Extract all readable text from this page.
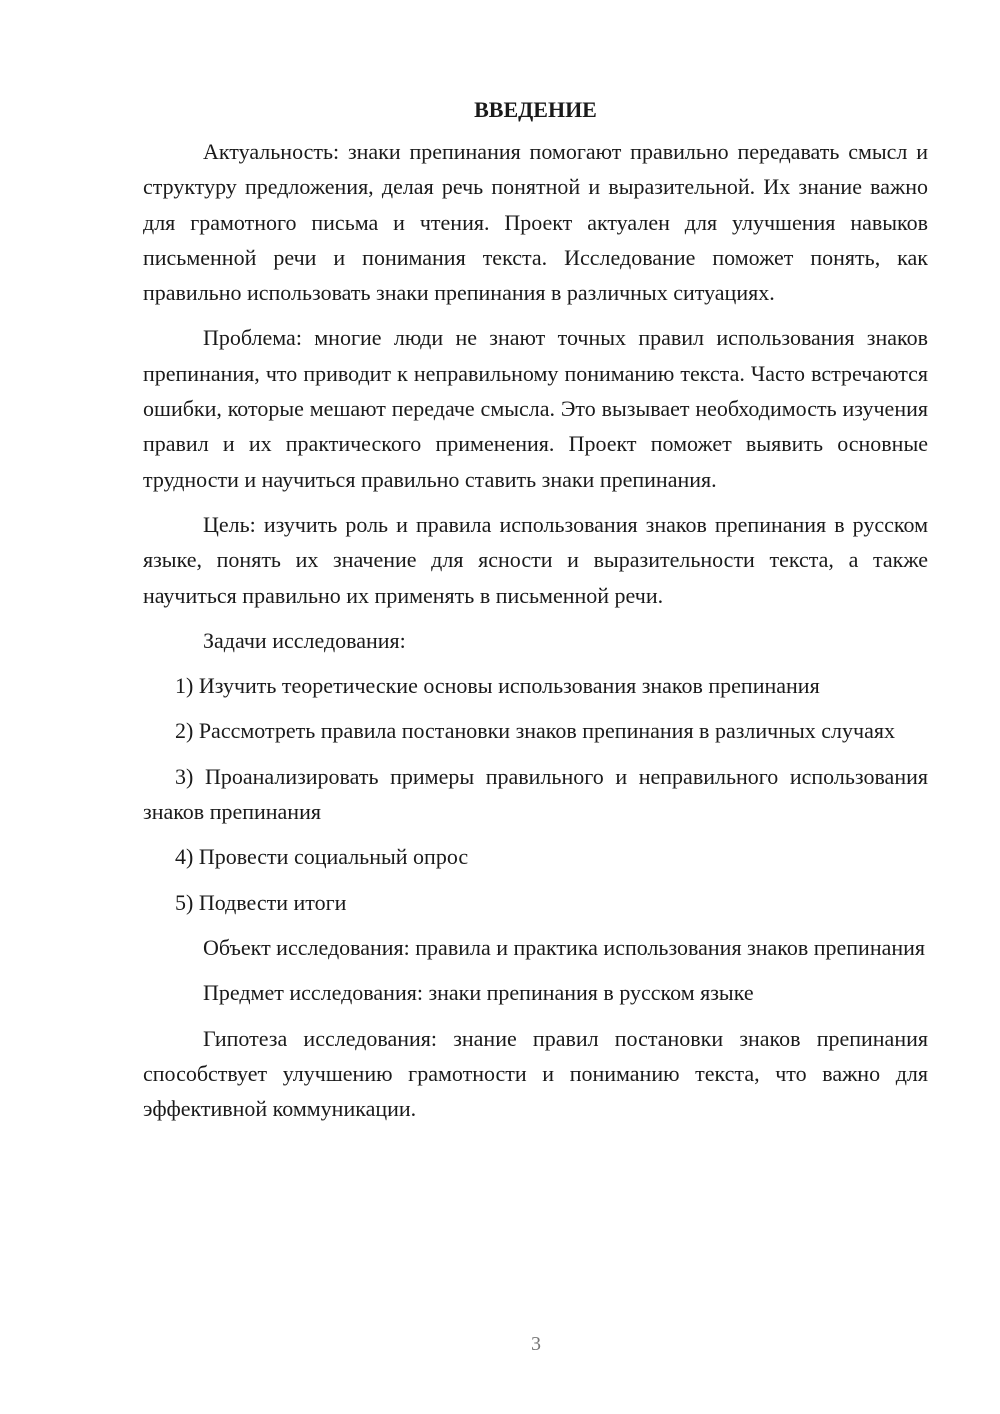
ВВЕДЕНИЕ

Актуальность: знаки препинания помогают правильно передавать смысл и структуру предложения, делая речь понятной и выразительной. Их знание важно для грамотного письма и чтения. Проект актуален для улучшения навыков письменной речи и понимания текста. Исследование поможет понять, как правильно использовать знаки препинания в различных ситуациях.

Проблема: многие люди не знают точных правил использования знаков препинания, что приводит к неправильному пониманию текста. Часто встречаются ошибки, которые мешают передаче смысла. Это вызывает необходимость изучения правил и их практического применения. Проект поможет выявить основные трудности и научиться правильно ставить знаки препинания.

Цель: изучить роль и правила использования знаков препинания в русском языке, понять их значение для ясности и выразительности текста, а также научиться правильно их применять в письменной речи.

Задачи исследования:

1) Изучить теоретические основы использования знаков препинания

2) Рассмотреть правила постановки знаков препинания в различных случаях

3) Проанализировать примеры правильного и неправильного использования знаков препинания

4) Провести социальный опрос

5) Подвести итоги

Объект исследования: правила и практика использования знаков препинания

Предмет исследования: знаки препинания в русском языке

Гипотеза исследования: знание правил постановки знаков препинания способствует улучшению грамотности и пониманию текста, что важно для эффективной коммуникации.

3
